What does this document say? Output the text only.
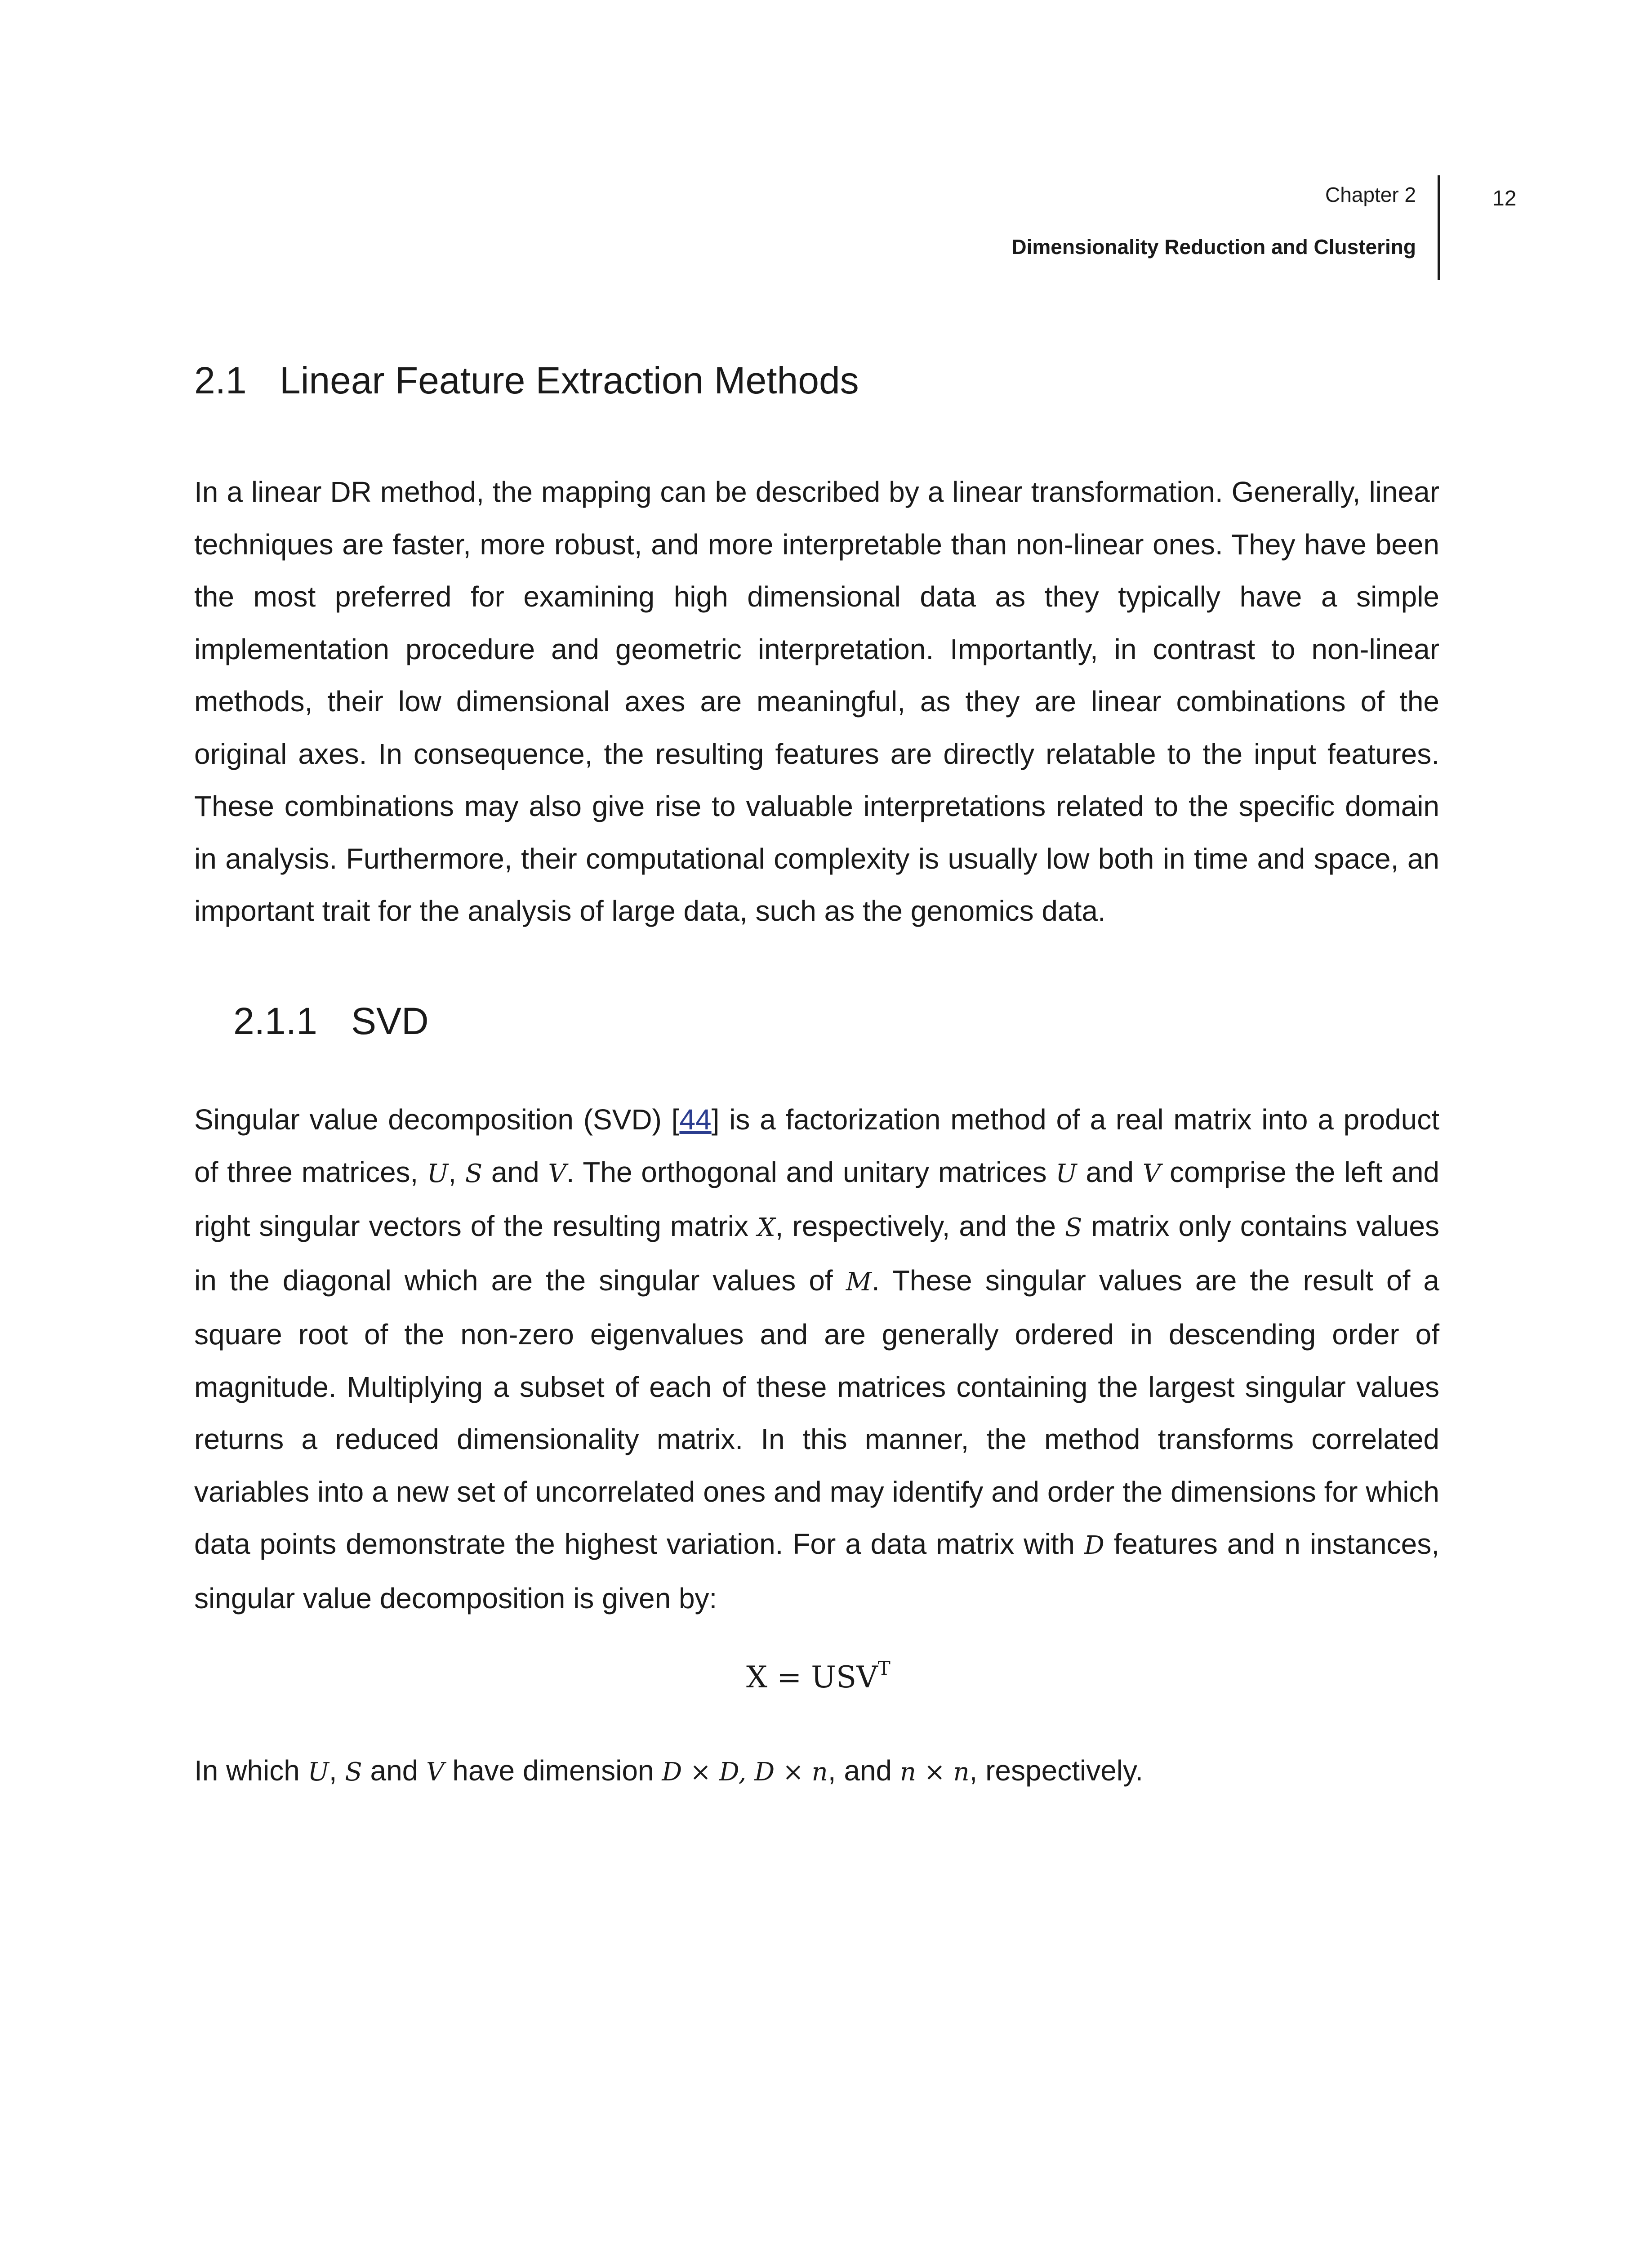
Chapter 2
Dimensionality Reduction and Clustering
12
2.1 Linear Feature Extraction Methods

In a linear DR method, the mapping can be described by a linear transformation. Generally, linear techniques are faster, more robust, and more interpretable than non-linear ones. They have been the most preferred for examining high dimensional data as they typically have a simple implementation procedure and geometric interpretation. Importantly, in contrast to non-linear methods, their low dimensional axes are meaningful, as they are linear combinations of the original axes. In consequence, the resulting features are directly relatable to the input features. These combinations may also give rise to valuable interpretations related to the specific domain in analysis. Furthermore, their computational complexity is usually low both in time and space, an important trait for the analysis of large data, such as the genomics data.

2.1.1 SVD

Singular value decomposition (SVD) [44] is a factorization method of a real matrix into a product of three matrices, U, S and V. The orthogonal and unitary matrices U and V comprise the left and right singular vectors of the resulting matrix X, respectively, and the S matrix only contains values in the diagonal which are the singular values of M. These singular values are the result of a square root of the non-zero eigenvalues and are generally ordered in descending order of magnitude. Multiplying a subset of each of these matrices containing the largest singular values returns a reduced dimensionality matrix. In this manner, the method transforms correlated variables into a new set of uncorrelated ones and may identify and order the dimensions for which data points demonstrate the highest variation. For a data matrix with D features and n instances, singular value decomposition is given by:

$X = USV^T$
In which U, S and V have dimension D × D, D × n, and n × n, respectively.
